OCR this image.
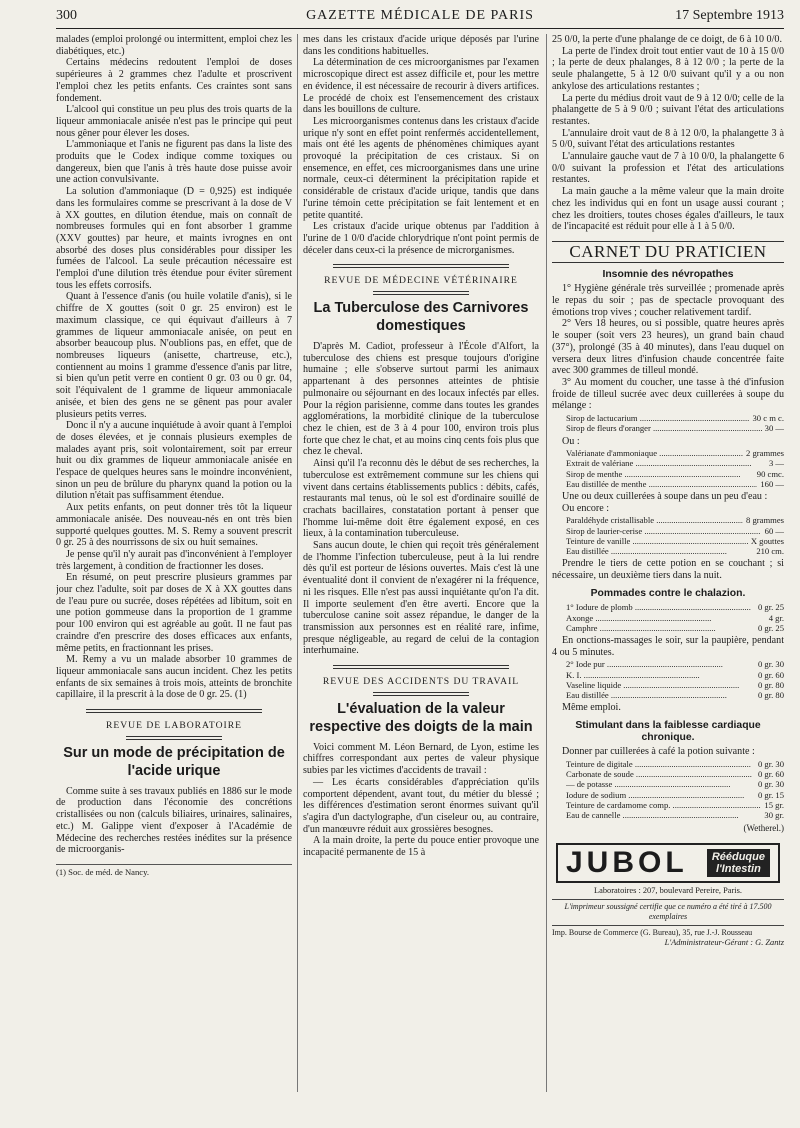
300	GAZETTE MÉDICALE DE PARIS	17 Septembre 1913

malades (emploi prolongé ou intermittent, emploi chez les diabétiques, etc.)

Certains médecins redoutent l'emploi de doses supérieures à 2 grammes chez l'adulte et proscrivent l'emploi chez les petits enfants. Ces craintes sont sans fondement.

L'alcool qui constitue un peu plus des trois quarts de la liqueur ammoniacale anisée n'est pas le principe qui peut nous gêner pour élever les doses.

L'ammoniaque et l'anis ne figurent pas dans la liste des produits que le Codex indique comme toxiques ou dangereux, bien que l'anis à très haute dose puisse avoir une action convulsivante.

La solution d'ammoniaque (D = 0,925) est indiquée dans les formulaires comme se prescrivant à la dose de V à XX gouttes, en dilution étendue, mais on connaît de nombreuses formules qui en font absorber 1 gramme (XXV gouttes) par heure, et maints ivrognes en ont absorbé des doses plus considérables pour dissiper les fumées de l'alcool. La seule précaution nécessaire est l'emploi d'une dilution très étendue pour éviter sûrement tous les effets corrosifs.

Quant à l'essence d'anis (ou huile volatile d'anis), si le chiffre de X gouttes (soit 0 gr. 25 environ) est le maximum classique, ce qui équivaut d'ailleurs à 7 grammes de liqueur ammoniacale anisée, on peut en absorber beaucoup plus. N'oublions pas, en effet, que de nombreuses liqueurs (anisette, chartreuse, etc.), contiennent au moins 1 gramme d'essence d'anis par litre, si bien qu'un petit verre en contient 0 gr. 03 ou 0 gr. 04, soit l'équivalent de 1 gramme de liqueur ammoniacale anisée, et bien des gens ne se gênent pas pour avaler plusieurs petits verres.

Donc il n'y a aucune inquiétude à avoir quant à l'emploi de doses élevées, et je connais plusieurs exemples de malades ayant pris, soit volontairement, soit par erreur huit ou dix grammes de liqueur ammoniacale anisée en l'espace de quelques heures sans le moindre inconvénient, sinon un peu de brûlure du pharynx quand la potion ou la dilution n'était pas suffisamment étendue.

Aux petits enfants, on peut donner très tôt la liqueur ammoniacale anisée. Des nouveau-nés en ont très bien supporté quelques gouttes. M. S. Remy a souvent prescrit 0 gr. 25 à des nourrissons de six ou huit semaines.

Je pense qu'il n'y aurait pas d'inconvénient à l'employer très largement, à condition de fractionner les doses.

En résumé, on peut prescrire plusieurs grammes par jour chez l'adulte, soit par doses de X à XX gouttes dans de l'eau pure ou sucrée, doses répétées ad libitum, soit en une potion gommeuse dans la proportion de 1 gramme pour 100 environ qui est agréable au goût. Il ne faut pas craindre d'en prescrire des doses efficaces aux enfants, même petits, en fractionnant les prises.

M. Remy a vu un malade absorber 10 grammes de liqueur ammoniacale sans aucun incident. Chez les petits enfants de six semaines à trois mois, atteints de bronchite capillaire, il la prescrit à la dose de 0 gr. 25. (1)

REVUE DE LABORATOIRE
Sur un mode de précipitation de l'acide urique

Comme suite à ses travaux publiés en 1886 sur le mode de production dans l'économie des concrétions cristallisées ou non (calculs biliaires, urinaires, salinaires, etc.) M. Galippe vient d'exposer à l'Académie de Médecine des recherches restées inédites sur la présence de microorganis-

(1) Soc. de méd. de Nancy.

mes dans les cristaux d'acide urique déposés par l'urine dans les conditions habituelles.

La détermination de ces microorganismes par l'examen microscopique direct est assez difficile et, pour les mettre en évidence, il est nécessaire de recourir à divers artifices. Le procédé de choix est l'ensemencement des cristaux dans les bouillons de culture.

Les microorganismes contenus dans les cristaux d'acide urique n'y sont en effet point renfermés accidentellement, mais ont été les agents de phénomènes chimiques ayant provoqué la précipitation de ces cristaux. Si on ensemence, en effet, ces microorganismes dans une urine normale, ceux-ci déterminent la précipitation rapide et considérable de cristaux d'acide urique, tandis que dans l'urine témoin cette précipitation se fait lentement et en petite quantité.

Les cristaux d'acide urique obtenus par l'addition à l'urine de 1 0/0 d'acide chlorydrique n'ont point permis de déceler dans ceux-ci la présence de microrganismes.

REVUE DE MÉDECINE VÉTÉRINAIRE
La Tuberculose des Carnivores domestiques

D'après M. Cadiot, professeur à l'École d'Alfort, la tuberculose des chiens est presque toujours d'origine humaine ; elle s'observe surtout parmi les animaux appartenant à des personnes atteintes de phtisie pulmonaire ou séjournant en des locaux infectés par elles. Pour la région parisienne, comme dans toutes les grandes agglomérations, la morbidité clinique de la tuberculose chez le chien, est de 3 à 4 pour 100, environ trois plus forte que chez le chat, et au moins cinq cents fois plus que chez le cheval.

Ainsi qu'il l'a reconnu dès le début de ses recherches, la tuberculose est extrêmement commune sur les chiens qui vivent dans certains établissements publics : débits, cafés, restaurants mal tenus, où le sol est d'ordinaire souillé de crachats bacillaires, constatation portant à penser que l'homme lui-même doit être également exposé, en ces lieux, à la contamination tuberculeuse.

Sans aucun doute, le chien qui reçoit très généralement de l'homme l'infection tuberculeuse, peut à la lui rendre dès qu'il est porteur de lésions ouvertes. Mais c'est là une éventualité dont il convient de n'exagérer ni la fréquence, ni les risques. Elle n'est pas aussi inquiétante qu'on l'a dit. Il importe seulement d'en être averti. Encore que la tuberculose canine soit assez répandue, le danger de la transmission aux personnes est en réalité rare, infime, presque négligeable, au regard de celui de la contagion interhumaine.

REVUE DES ACCIDENTS DU TRAVAIL
L'évaluation de la valeur respective des doigts de la main

Voici comment M. Léon Bernard, de Lyon, estime les chiffres correspondant aux pertes de valeur physique subies par les victimes d'accidents de travail :

— Les écarts considérables d'appréciation qu'ils comportent dépendent, avant tout, du métier du blessé ; les différences d'estimation seront énormes suivant qu'il s'agira d'un dactylographe, d'un ciseleur ou, au contraire, d'un manœuvre réduit aux grossières besognes.

A la main droite, la perte du pouce entier provoque une incapacité permanente de 15 à

25 0/0, la perte d'une phalange de ce doigt, de 6 à 10 0/0.

La perte de l'index droit tout entier vaut de 10 à 15 0/0 ; la perte de deux phalanges, 8 à 12 0/0 ; la perte de la seule phalangette, 5 à 12 0/0 suivant qu'il y a ou non ankylose des articulations restantes ;

La perte du médius droit vaut de 9 à 12 0/0; celle de la phalangette de 5 à 9 0/0 ; suivant l'état des articulations restantes.

L'annulaire droit vaut de 8 à 12 0/0, la phalangette 3 à 5 0/0, suivant l'état des articulations restantes

L'annulaire gauche vaut de 7 à 10 0/0, la phalangette 6 0/0 suivant la profession et l'état des articulations restantes.

La main gauche a la même valeur que la main droite chez les individus qui en font un usage aussi courant ; chez les droitiers, toutes choses égales d'ailleurs, le taux de l'incapacité est réduit pour elle à 1 à 5 0/0.

CARNET DU PRATICIEN
Insomnie des névropathes

1° Hygiène générale très surveillée ; promenade après le repas du soir ; pas de spectacle provoquant des émotions trop vives ; coucher relativement tardif.

2° Vers 18 heures, ou si possible, quatre heures après le souper (soit vers 23 heures), un grand bain chaud (37°), prolongé (35 à 40 minutes), dans l'eau duquel on versera deux litres d'infusion chaude concentrée faite avec 300 grammes de tilleul mondé.

3° Au moment du coucher, une tasse à thé d'infusion froide de tilleul sucrée avec deux cuillerées à soupe du mélange :

Sirop de lactucarium .....	30 c m c.
Sirop de fleurs d'oranger .....	30 —

Ou :

Valérianate d'ammoniaque .....	2 grammes
Extrait de valériane .....	3 —
Sirop de menthe .....	90 cmc.
Eau distillée de menthe .....	160 —

Une ou deux cuillerées à soupe dans un peu d'eau :

Ou encore :

Paraldéhyde cristallisable .....	8 grammes
Sirop de laurier-cerise .....	60 —
Teinture de vanille .....	X gouttes
Eau distillée .....	210 cm.

Prendre le tiers de cette potion en se couchant ; si nécessaire, un deuxième tiers dans la nuit.

Pommades contre le chalazion.
1° Iodure de plomb .....	0 gr. 25
Axonge .....	4 gr.
Camphre .....	0 gr. 25

En onctions-massages le soir, sur la paupière, pendant 4 ou 5 minutes.

2° Iode pur .....	0 gr. 30
K. I. .....	0 gr. 60
Vaseline liquide .....	0 gr. 80
Eau distillée .....	0 gr. 80

Même emploi.

Stimulant dans la faiblesse cardiaque chronique.

Donner par cuillerées à café la potion suivante :

Teinture de digitale .....	0 gr. 30
Carbonate de soude .....	0 gr. 60
— de potasse .....	0 gr. 30
Iodure de sodium .....	0 gr. 15
Teinture de cardamome comp. .....	15 gr.
Eau de cannelle .....	30 gr.
(Wetherel.)
JUBOL	Rééduque
l'Intestin
Laboratoires : 207, boulevard Pereire, Paris.
L'imprimeur soussigné certifie que ce numéro a été tiré à 17.500 exemplaires
Imp. Bourse de Commerce (G. Bureau), 35, rue J.-J. Rousseau
L'Administrateur-Gérant : G. Zantz
